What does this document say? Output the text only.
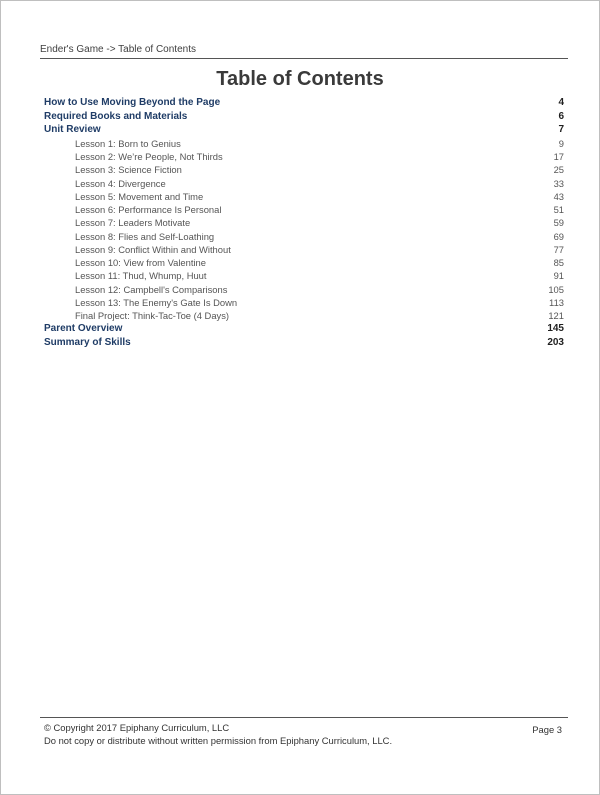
Ender's Game -> Table of Contents
Table of Contents
How to Use Moving Beyond the Page	4
Required Books and Materials	6
Unit Review	7
Lesson 1: Born to Genius	9
Lesson 2: We’re People, Not Thirds	17
Lesson 3: Science Fiction	25
Lesson 4: Divergence	33
Lesson 5: Movement and Time	43
Lesson 6: Performance Is Personal	51
Lesson 7: Leaders Motivate	59
Lesson 8: Flies and Self-Loathing	69
Lesson 9: Conflict Within and Without	77
Lesson 10: View from Valentine	85
Lesson 11: Thud, Whump, Huut	91
Lesson 12: Campbell's Comparisons	105
Lesson 13: The Enemy's Gate Is Down	113
Final Project: Think-Tac-Toe (4 Days)	121
Parent Overview	145
Summary of Skills	203
© Copyright 2017 Epiphany Curriculum, LLC
Do not copy or distribute without written permission from Epiphany Curriculum, LLC.
Page 3
